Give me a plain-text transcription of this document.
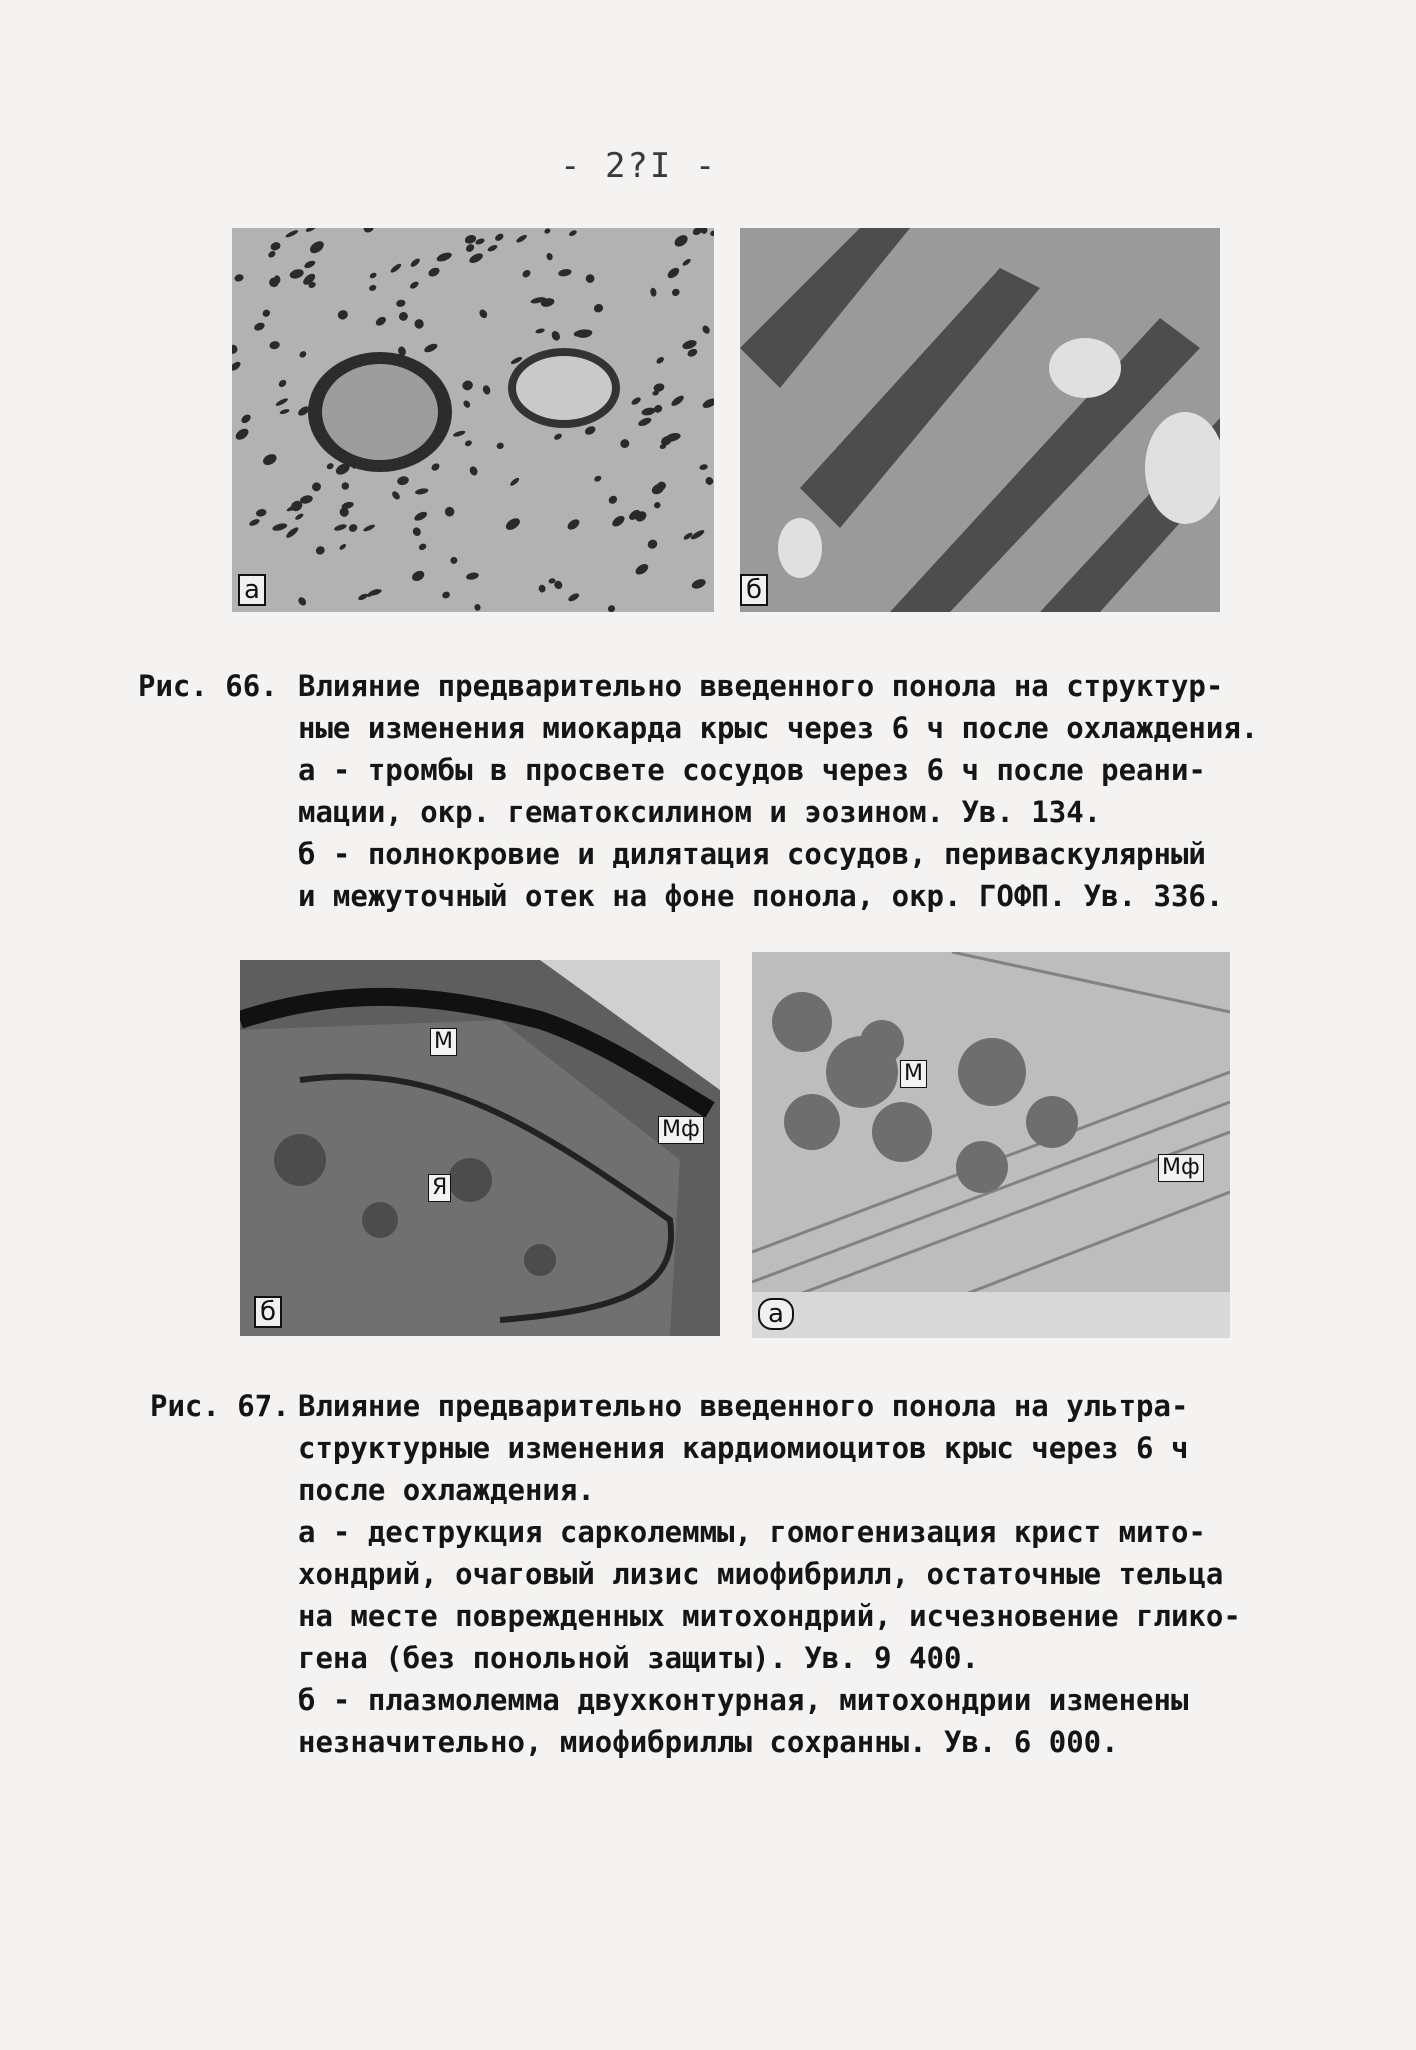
- 2?I -
а	б
Рис. 66. Влияние предварительно введенного понола на структур-
ные изменения миокарда крыс через 6 ч после охлаждения.
а - тромбы в просвете сосудов через 6 ч после реани-
мации, окр. гематоксилином и эозином. Ув. 134.
б - полнокровие и дилятация сосудов, периваскулярный
и межуточный отек на фоне понола, окр. ГОФП. Ув. 336.
М
Мф
Я
б
М
Мф
а
Рис. 67. Влияние предварительно введенного понола на ультра-
структурные изменения кардиомиоцитов крыс через 6 ч
после охлаждения.
а - деструкция сарколеммы, гомогенизация крист мито-
хондрий, очаговый лизис миофибрилл, остаточные тельца
на месте поврежденных митохондрий, исчезновение гликo-
гена (без понольной защиты). Ув. 9 400.
б - плазмолемма двухконтурная, митохондрии изменены
незначительно, миофибриллы сохранны. Ув. 6 000.
